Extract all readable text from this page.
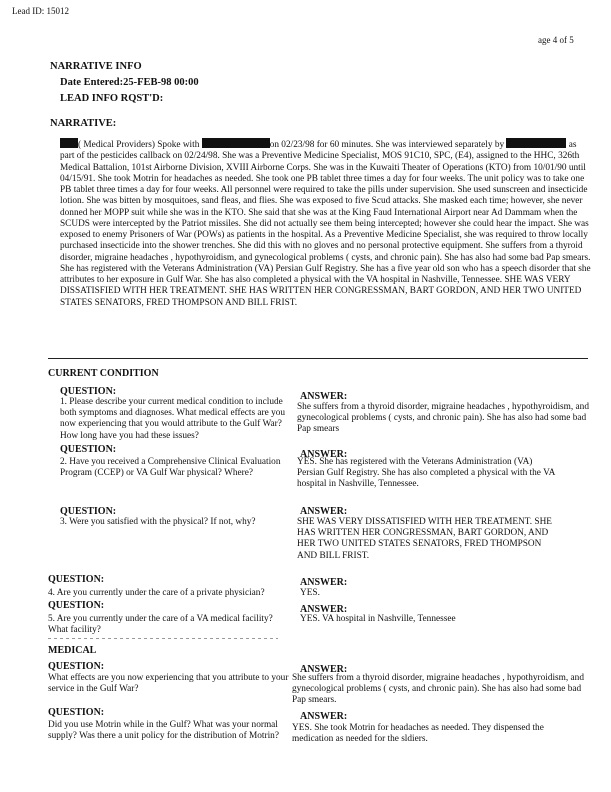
Lead ID: 15012
age 4 of 5
NARRATIVE INFO
Date Entered:25-FEB-98 00:00
LEAD INFO RQST'D:
NARRATIVE:
( Medical Providers) Spoke with	on 02/23/98 for 60 minutes. She was interviewed separately by	as part of the pesticides callback on 02/24/98. She was a Preventive Medicine Specialist, MOS 91C10, SPC, (E4), assigned to the HHC, 326th Medical Battalion, 101st Airborne Division, XVIII Airborne Corps. She was in the Kuwaiti Theater of Operations (KTO) from 10/01/90 until 04/15/91. She took Motrin for headaches as needed. She took one PB tablet three times a day for four weeks. The unit policy was to take one PB tablet three times a day for four weeks. All personnel were required to take the pills under supervision. She used sunscreen and insecticide lotion. She was bitten by mosquitoes, sand fleas, and flies. She was exposed to five Scud attacks. She masked each time; however, she never donned her MOPP suit while she was in the KTO. She said that she was at the King Faud International Airport near Ad Dammam when the SCUDS were intercepted by the Patriot missiles. She did not actually see them being intercepted; however she could hear the impact. She was exposed to enemy Prisoners of War (POWs) as patients in the hospital. As a Preventive Medicine Specialist, she was required to throw locally purchased insecticide into the shower trenches. She did this with no gloves and no personal protective equipment. She suffers from a thyroid disorder, migraine headaches , hypothyroidism, and gynecological problems ( cysts, and chronic pain). She has also had some bad Pap smears. She has registered with the Veterans Administration (VA) Persian Gulf Registry. She has a five year old son who has a speech disorder that she attributes to her exposure in Gulf War. She has also completed a physical with the VA hospital in Nashville, Tennessee. SHE WAS VERY DISSATISFIED WITH HER TREATMENT. SHE HAS WRITTEN HER CONGRESSMAN, BART GORDON, AND HER TWO UNITED STATES SENATORS, FRED THOMPSON AND BILL FRIST.
CURRENT CONDITION
QUESTION:	ANSWER:
1. Please describe your current medical condition to include both symptoms and diagnoses. What medical effects are you now experiencing that you would attribute to the Gulf War? How long have you had these issues?
She suffers from a thyroid disorder, migraine headaches , hypothyroidism, and gynecological problems ( cysts, and chronic pain). She has also had some bad Pap smears
QUESTION:	ANSWER:
2. Have you received a Comprehensive Clinical Evaluation Program (CCEP) or VA Gulf War physical? Where?
YES. She has registered with the Veterans Administration (VA) Persian Gulf Registry. She has also completed a physical with the VA hospital in Nashville, Tennessee.
QUESTION:	ANSWER:
3. Were you satisfied with the physical? If not, why?	SHE WAS VERY DISSATISFIED WITH HER TREATMENT. SHE HAS WRITTEN HER CONGRESSMAN, BART GORDON, AND HER TWO UNITED STATES SENATORS, FRED THOMPSON AND BILL FRIST.
QUESTION:	ANSWER:
4. Are you currently under the care of a private physician?	YES.
QUESTION:	ANSWER:
5. Are you currently under the care of a VA medical facility? What facility?
YES. VA hospital in Nashville, Tennessee
MEDICAL
QUESTION:	ANSWER:
What effects are you now experiencing that you attribute to your service in the Gulf War?
She suffers from a thyroid disorder, migraine headaches , hypothyroidism, and gynecological problems ( cysts, and chronic pain). She has also had some bad Pap smears.
QUESTION:	ANSWER:
Did you use Motrin while in the Gulf? What was your normal supply? Was there a unit policy for the distribution of Motrin?
YES. She took Motrin for headaches as needed. They dispensed the medication as needed for the sldiers.
